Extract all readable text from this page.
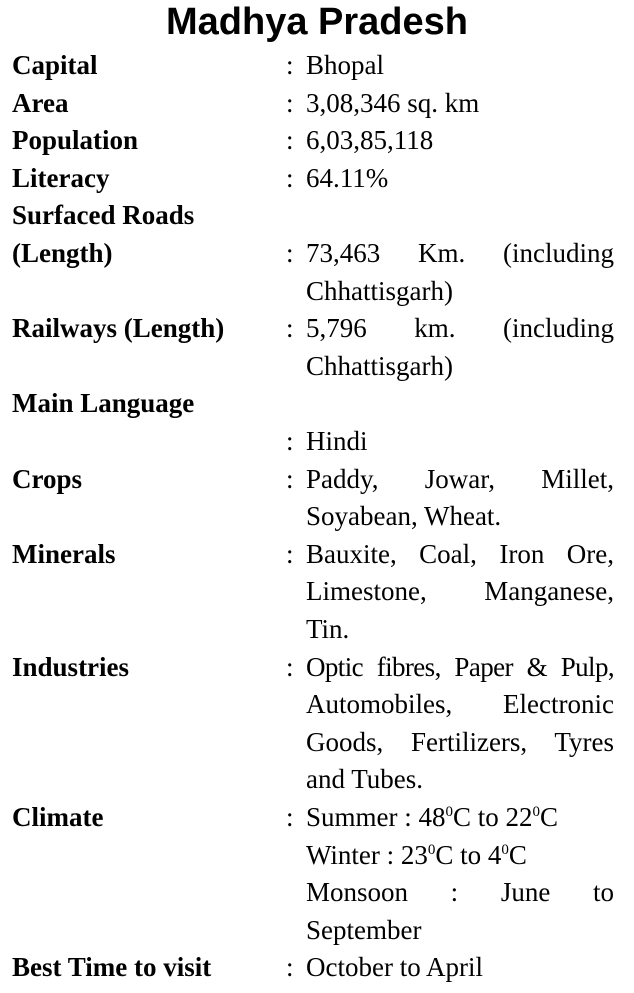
Madhya Pradesh
Capital	: Bhopal
Area	: 3,08,346 sq. km
Population	: 6,03,85,118
Literacy	: 64.11%
Surfaced Roads
(Length)	: 73,463 Km. (including
Chhattisgarh)
Railways (Length) : 5,796 km. (including
Chhattisgarh)
Main Language
: Hindi
Crops	: Paddy, Jowar, Millet,
Soyabean, Wheat.
Minerals	: Bauxite, Coal, Iron Ore,
Limestone, Manganese,
Tin.
Industries	: Optic fibres, Paper & Pulp,
Automobiles, Electronic
Goods, Fertilizers, Tyres
and Tubes.
Climate	: Summer : $48^0C$ to $22^0C$
Winter : $23^0C$ to $4^0C$
Monsoon : June to
September
Best Time to visit	: October to April
